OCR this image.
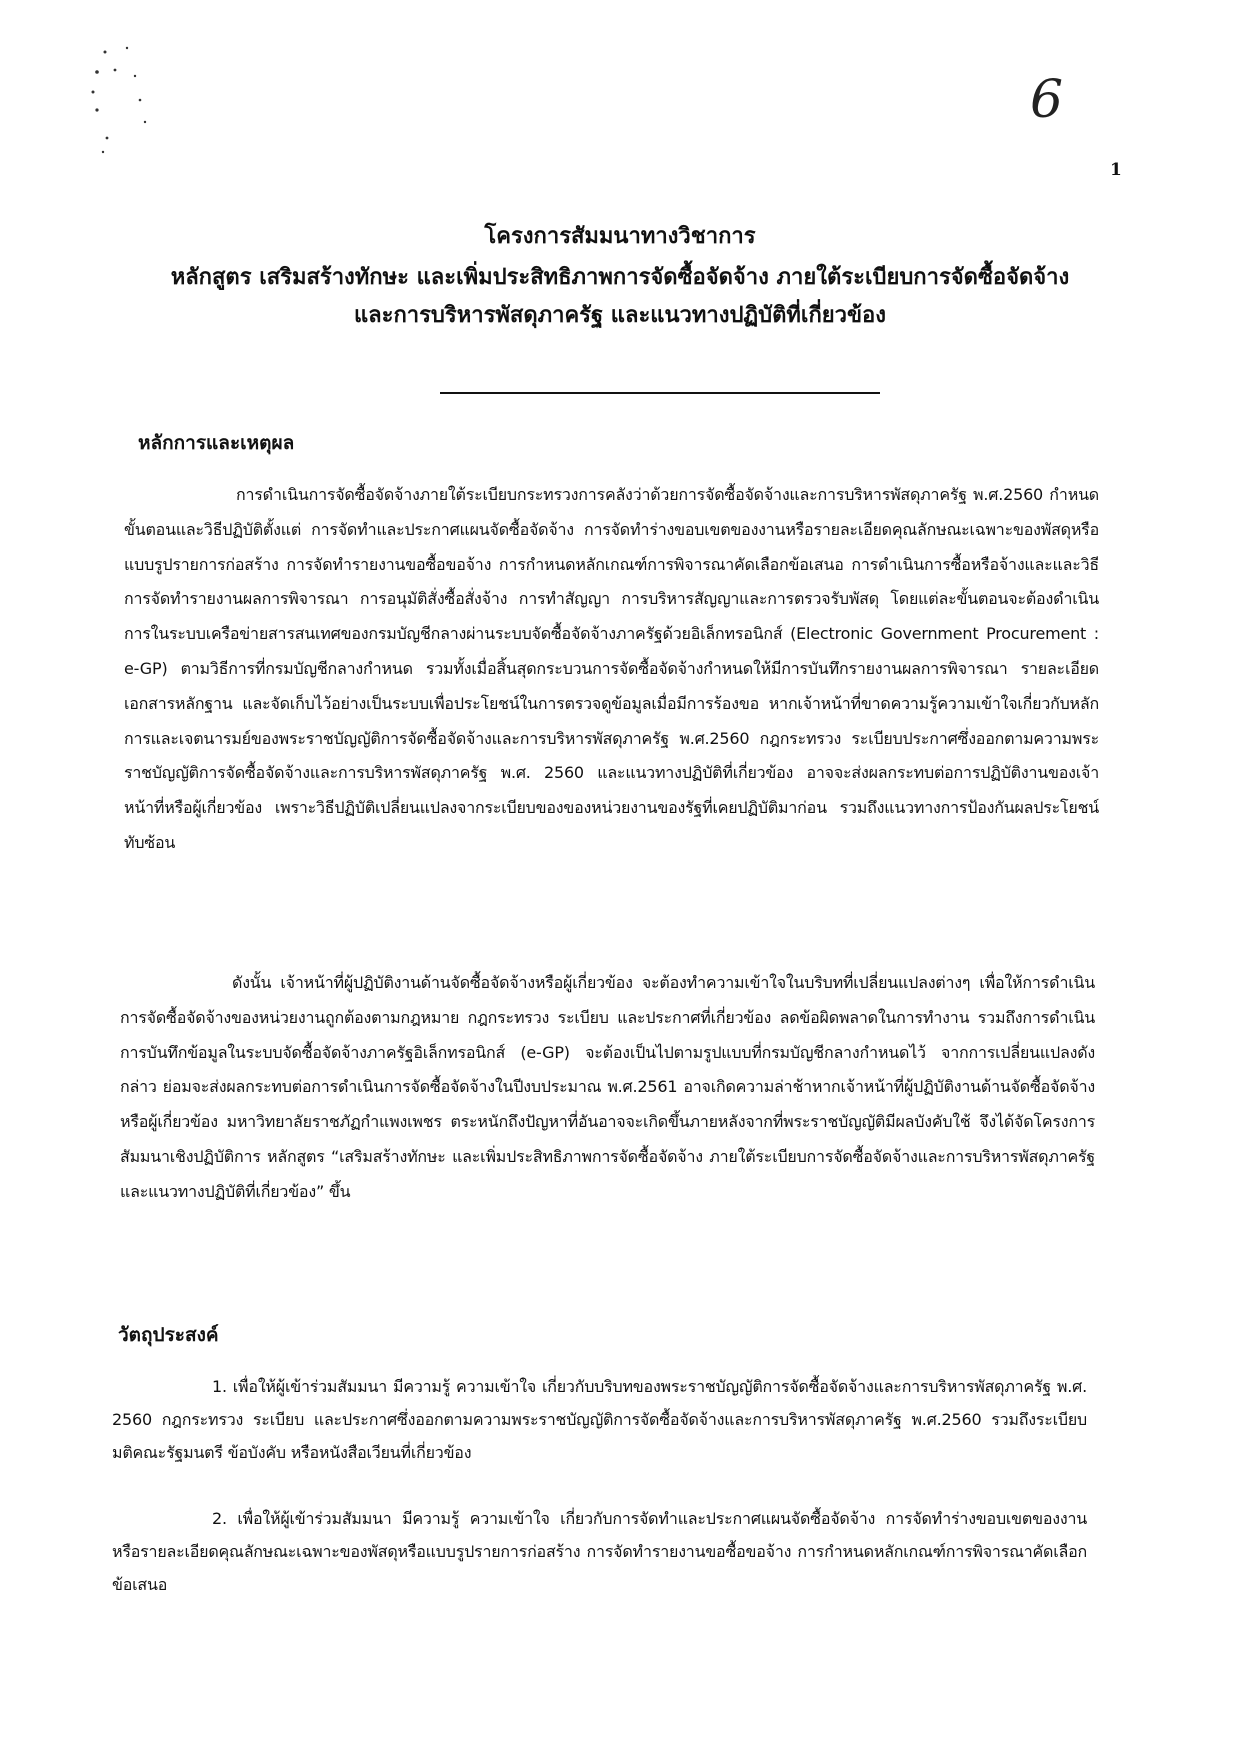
6
1
โครงการสัมมนาทางวิชาการ
หลักสูตร เสริมสร้างทักษะ และเพิ่มประสิทธิภาพการจัดซื้อจัดจ้าง ภายใต้ระเบียบการจัดซื้อจัดจ้าง
และการบริหารพัสดุภาครัฐ และแนวทางปฏิบัติที่เกี่ยวข้อง
หลักการและเหตุผล
การดำเนินการจัดซื้อจัดจ้างภายใต้ระเบียบกระทรวงการคลังว่าด้วยการจัดซื้อจัดจ้างและการบริหารพัสดุภาครัฐ พ.ศ.2560 กำหนดขั้นตอนและวิธีปฏิบัติตั้งแต่ การจัดทำและประกาศแผนจัดซื้อจัดจ้าง การจัดทำร่างขอบเขตของงานหรือรายละเอียดคุณลักษณะเฉพาะของพัสดุหรือแบบรูปรายการก่อสร้าง การจัดทำรายงานขอซื้อขอจ้าง การกำหนดหลักเกณฑ์การพิจารณาคัดเลือกข้อเสนอ การดำเนินการซื้อหรือจ้างและและวิธีการจัดทำรายงานผลการพิจารณา การอนุมัติสั่งซื้อสั่งจ้าง การทำสัญญา การบริหารสัญญาและการตรวจรับพัสดุ โดยแต่ละขั้นตอนจะต้องดำเนินการในระบบเครือข่ายสารสนเทศของกรมบัญชีกลางผ่านระบบจัดซื้อจัดจ้างภาครัฐด้วยอิเล็กทรอนิกส์ (Electronic Government Procurement : e-GP) ตามวิธีการที่กรมบัญชีกลางกำหนด รวมทั้งเมื่อสิ้นสุดกระบวนการจัดซื้อจัดจ้างกำหนดให้มีการบันทึกรายงานผลการพิจารณา รายละเอียด เอกสารหลักฐาน และจัดเก็บไว้อย่างเป็นระบบเพื่อประโยชน์ในการตรวจดูข้อมูลเมื่อมีการร้องขอ หากเจ้าหน้าที่ขาดความรู้ความเข้าใจเกี่ยวกับหลักการและเจตนารมย์ของพระราชบัญญัติการจัดซื้อจัดจ้างและการบริหารพัสดุภาครัฐ พ.ศ.2560 กฎกระทรวง ระเบียบประกาศซึ่งออกตามความพระราชบัญญัติการจัดซื้อจัดจ้างและการบริหารพัสดุภาครัฐ พ.ศ. 2560 และแนวทางปฏิบัติที่เกี่ยวข้อง อาจจะส่งผลกระทบต่อการปฏิบัติงานของเจ้าหน้าที่หรือผู้เกี่ยวข้อง เพราะวิธีปฏิบัติเปลี่ยนแปลงจากระเบียบของของหน่วยงานของรัฐที่เคยปฏิบัติมาก่อน รวมถึงแนวทางการป้องกันผลประโยชน์ทับซ้อน
ดังนั้น เจ้าหน้าที่ผู้ปฏิบัติงานด้านจัดซื้อจัดจ้างหรือผู้เกี่ยวข้อง จะต้องทำความเข้าใจในบริบทที่เปลี่ยนแปลงต่างๆ เพื่อให้การดำเนินการจัดซื้อจัดจ้างของหน่วยงานถูกต้องตามกฎหมาย กฎกระทรวง ระเบียบ และประกาศที่เกี่ยวข้อง ลดข้อผิดพลาดในการทำงาน รวมถึงการดำเนินการบันทึกข้อมูลในระบบจัดซื้อจัดจ้างภาครัฐอิเล็กทรอนิกส์ (e-GP) จะต้องเป็นไปตามรูปแบบที่กรมบัญชีกลางกำหนดไว้ จากการเปลี่ยนแปลงดังกล่าว ย่อมจะส่งผลกระทบต่อการดำเนินการจัดซื้อจัดจ้างในปีงบประมาณ พ.ศ.2561 อาจเกิดความล่าช้าหากเจ้าหน้าที่ผู้ปฏิบัติงานด้านจัดซื้อจัดจ้าง หรือผู้เกี่ยวข้อง มหาวิทยาลัยราชภัฏกำแพงเพชร ตระหนักถึงปัญหาที่อันอาจจะเกิดขึ้นภายหลังจากที่พระราชบัญญัติมีผลบังคับใช้ จึงได้จัดโครงการสัมมนาเชิงปฏิบัติการ หลักสูตร “เสริมสร้างทักษะ และเพิ่มประสิทธิภาพการจัดซื้อจัดจ้าง ภายใต้ระเบียบการจัดซื้อจัดจ้างและการบริหารพัสดุภาครัฐ และแนวทางปฏิบัติที่เกี่ยวข้อง” ขึ้น
วัตถุประสงค์
1. เพื่อให้ผู้เข้าร่วมสัมมนา มีความรู้ ความเข้าใจ เกี่ยวกับบริบทของพระราชบัญญัติการจัดซื้อจัดจ้างและการบริหารพัสดุภาครัฐ พ.ศ. 2560 กฎกระทรวง ระเบียบ และประกาศซึ่งออกตามความพระราชบัญญัติการจัดซื้อจัดจ้างและการบริหารพัสดุภาครัฐ พ.ศ.2560 รวมถึงระเบียบ มติคณะรัฐมนตรี ข้อบังคับ หรือหนังสือเวียนที่เกี่ยวข้อง
2. เพื่อให้ผู้เข้าร่วมสัมมนา มีความรู้ ความเข้าใจ เกี่ยวกับการจัดทำและประกาศแผนจัดซื้อจัดจ้าง การจัดทำร่างขอบเขตของงานหรือรายละเอียดคุณลักษณะเฉพาะของพัสดุหรือแบบรูปรายการก่อสร้าง การจัดทำรายงานขอซื้อขอจ้าง การกำหนดหลักเกณฑ์การพิจารณาคัดเลือกข้อเสนอ
